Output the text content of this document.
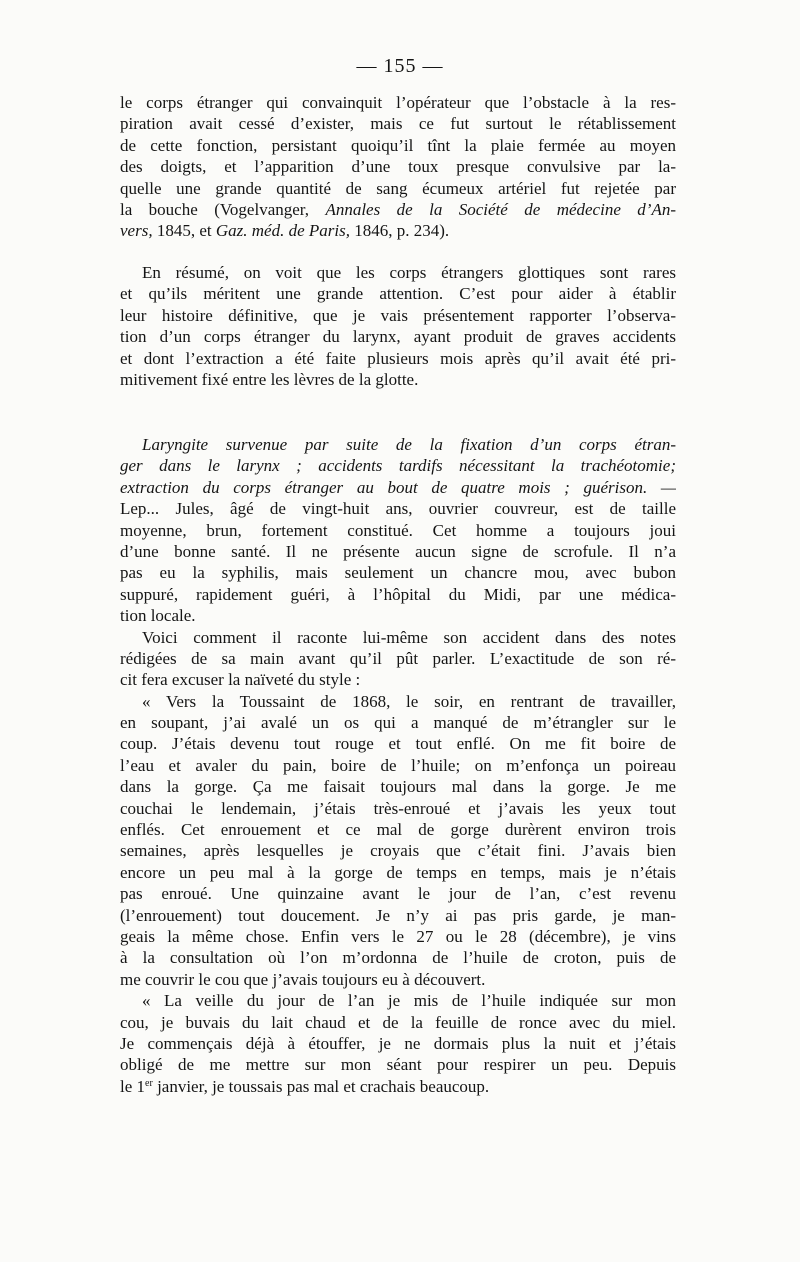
— 155 —
le corps étranger qui convainquit l’opérateur que l’obstacle à la res-
piration avait cessé d’exister, mais ce fut surtout le rétablissement
de cette fonction, persistant quoiqu’il tînt la plaie fermée au moyen
des doigts, et l’apparition d’une toux presque convulsive par la-
quelle une grande quantité de sang écumeux artériel fut rejetée par
la bouche (Vogelvanger, Annales de la Société de médecine d’An-
vers, 1845, et Gaz. méd. de Paris, 1846, p. 234).
En résumé, on voit que les corps étrangers glottiques sont rares
et qu’ils méritent une grande attention. C’est pour aider à établir
leur histoire définitive, que je vais présentement rapporter l’observa-
tion d’un corps étranger du larynx, ayant produit de graves accidents
et dont l’extraction a été faite plusieurs mois après qu’il avait été pri-
mitivement fixé entre les lèvres de la glotte.
Laryngite survenue par suite de la fixation d’un corps étran-
ger dans le larynx ; accidents tardifs nécessitant la trachéotomie;
extraction du corps étranger au bout de quatre mois ; guérison. —
Lep... Jules, âgé de vingt-huit ans, ouvrier couvreur, est de taille
moyenne, brun, fortement constitué. Cet homme a toujours joui
d’une bonne santé. Il ne présente aucun signe de scrofule. Il n’a
pas eu la syphilis, mais seulement un chancre mou, avec bubon
suppuré, rapidement guéri, à l’hôpital du Midi, par une médica-
tion locale.
Voici comment il raconte lui-même son accident dans des notes
rédigées de sa main avant qu’il pût parler. L’exactitude de son ré-
cit fera excuser la naïveté du style :
« Vers la Toussaint de 1868, le soir, en rentrant de travailler,
en soupant, j’ai avalé un os qui a manqué de m’étrangler sur le
coup. J’étais devenu tout rouge et tout enflé. On me fit boire de
l’eau et avaler du pain, boire de l’huile; on m’enfonça un poireau
dans la gorge. Ça me faisait toujours mal dans la gorge. Je me
couchai le lendemain, j’étais très-enroué et j’avais les yeux tout
enflés. Cet enrouement et ce mal de gorge durèrent environ trois
semaines, après lesquelles je croyais que c’était fini. J’avais bien
encore un peu mal à la gorge de temps en temps, mais je n’étais
pas enroué. Une quinzaine avant le jour de l’an, c’est revenu
(l’enrouement) tout doucement. Je n’y ai pas pris garde, je man-
geais la même chose. Enfin vers le 27 ou le 28 (décembre), je vins
à la consultation où l’on m’ordonna de l’huile de croton, puis de
me couvrir le cou que j’avais toujours eu à découvert.
« La veille du jour de l’an je mis de l’huile indiquée sur mon
cou, je buvais du lait chaud et de la feuille de ronce avec du miel.
Je commençais déjà à étouffer, je ne dormais plus la nuit et j’étais
obligé de me mettre sur mon séant pour respirer un peu. Depuis
le 1er janvier, je toussais pas mal et crachais beaucoup.
